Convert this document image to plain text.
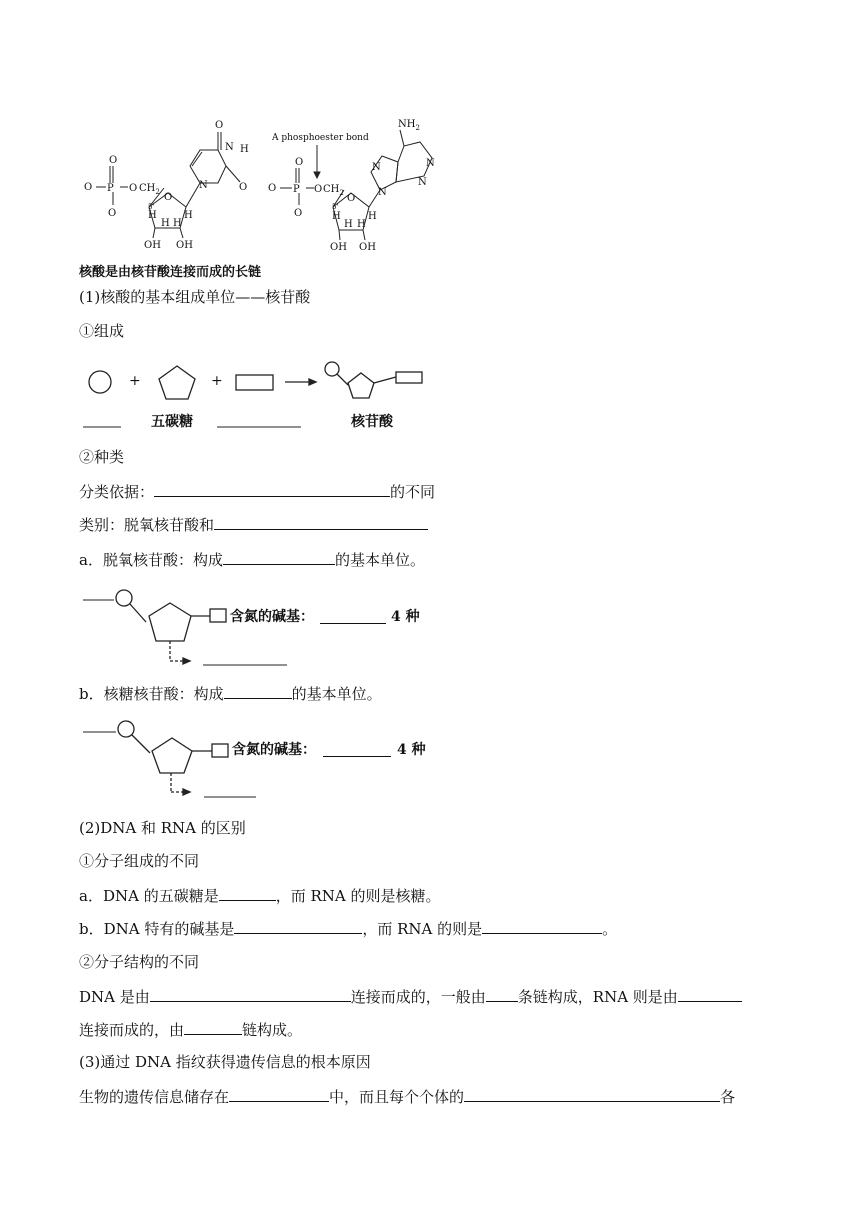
O
O
O P O $CH_2$ O
N
N H
O
O
H	H
H H
5'
OH OH
A phosphoester bond
$NH_2$
O
O
O P O $CH_2$ O
N
N	N
N
H	H
H H
5'
OH OH
核酸是由核苷酸连接而成的长链
(1)核酸的基本组成单位——核苷酸
①组成
+	+
五碳糖	核苷酸
②种类
分类依据：	的不同
类别：脱氧核苷酸和
a．脱氧核苷酸：构成	的基本单位。
含氮的碱基：	4 种
b．核糖核苷酸：构成	的基本单位。
含氮的碱基：	4 种
(2)DNA 和 RNA 的区别
①分子组成的不同
a．DNA 的五碳糖是	，而 RNA 的则是核糖。
b．DNA 特有的碱基是	，而 RNA 的则是	。
②分子结构的不同
DNA 是由	连接而成的，一般由 条链构成，RNA 则是由
连接而成的，由	链构成。
(3)通过 DNA 指纹获得遗传信息的根本原因
生物的遗传信息储存在	中，而且每个个体的	各
